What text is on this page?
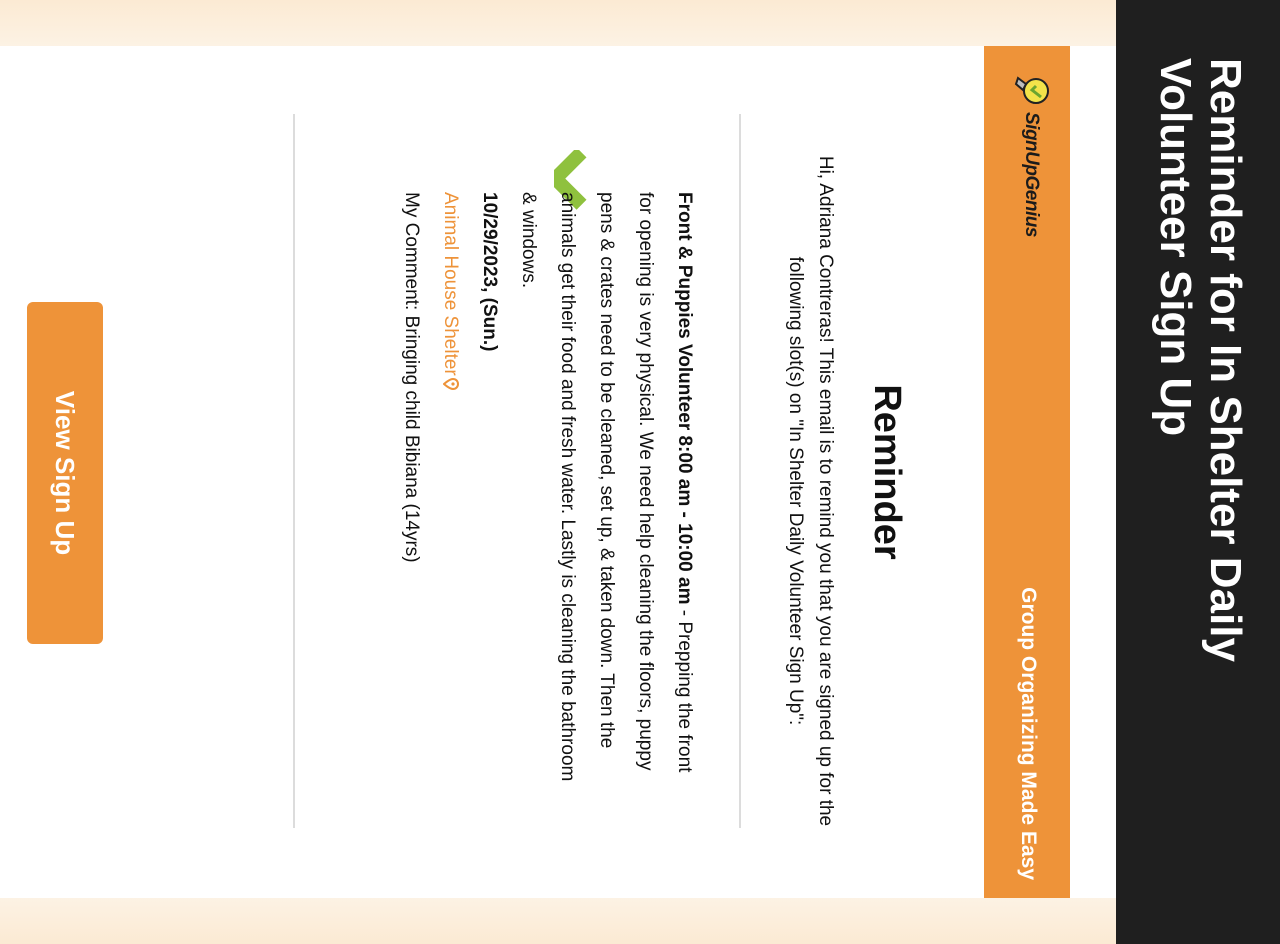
Reminder for In Shelter Daily Volunteer Sign Up
SignUpGenius
Group Organizing Made Easy
Reminder
Hi, Adriana Contreras! This email is to remind you that you are signed up for the following slot(s) on "In Shelter Daily Volunteer Sign Up":
Front & Puppies Volunteer 8:00 am - 10:00 am - Prepping the front for opening is very physical. We need help cleaning the floors, puppy pens & crates need to be cleaned, set up, & taken down. Then the animals get their food and fresh water. Lastly is cleaning the bathroom & windows.
10/29/2023, (Sun.)
Animal House Shelter
My Comment: Bringing child Bibiana (14yrs)
View Sign Up
